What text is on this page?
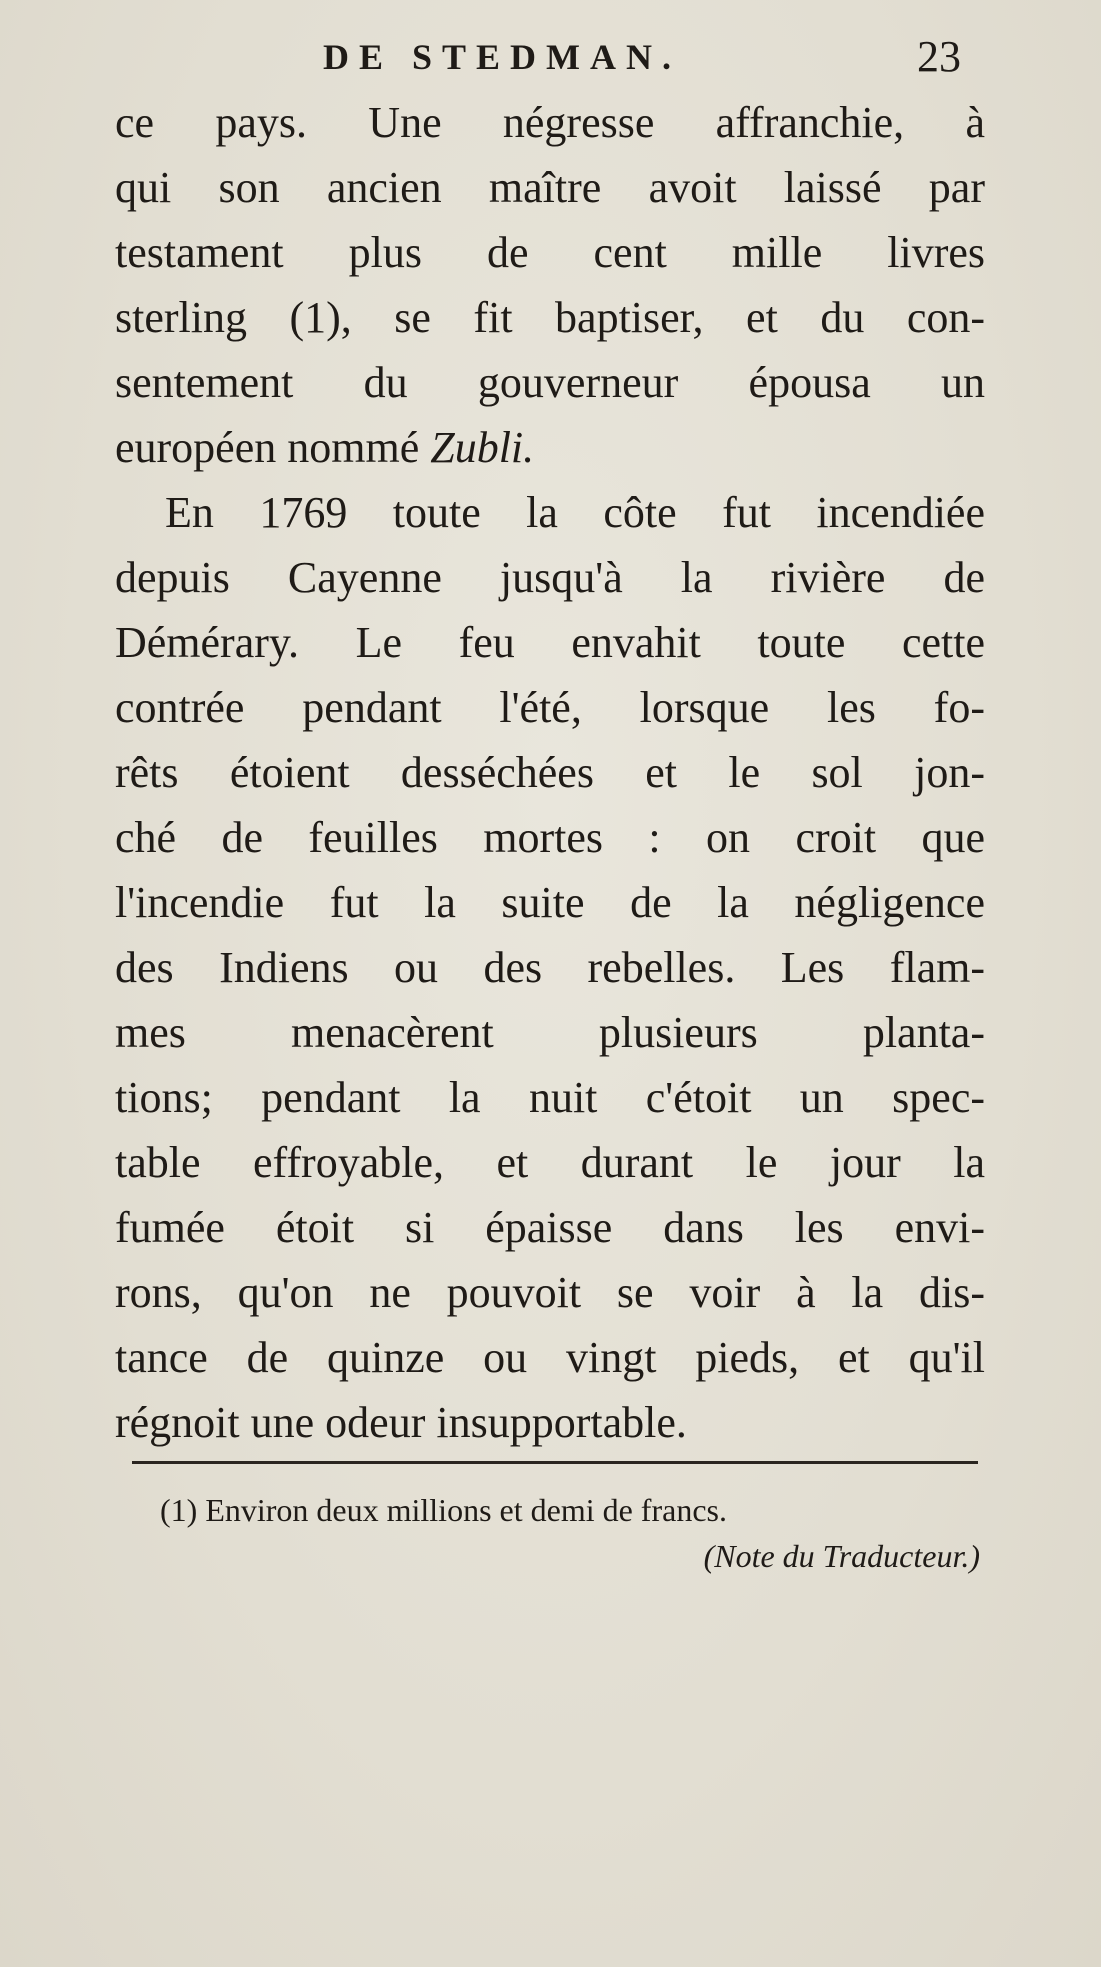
DE STEDMAN.	23
ce pays. Une négresse affranchie, à
qui son ancien maître avoit laissé par
testament plus de cent mille livres
sterling (1), se fit baptiser, et du con-
sentement du gouverneur épousa un
européen nommé Zubli.
En 1769 toute la côte fut incendiée
depuis Cayenne jusqu'à la rivière de
Démérary. Le feu envahit toute cette
contrée pendant l'été, lorsque les fo-
rêts étoient desséchées et le sol jon-
ché de feuilles mortes : on croit que
l'incendie fut la suite de la négligence
des Indiens ou des rebelles. Les flam-
mes menacèrent plusieurs planta-
tions; pendant la nuit c'étoit un spec-
table effroyable, et durant le jour la
fumée étoit si épaisse dans les envi-
rons, qu'on ne pouvoit se voir à la dis-
tance de quinze ou vingt pieds, et qu'il
régnoit une odeur insupportable.
(1) Environ deux millions et demi de francs.
(Note du Traducteur.)
